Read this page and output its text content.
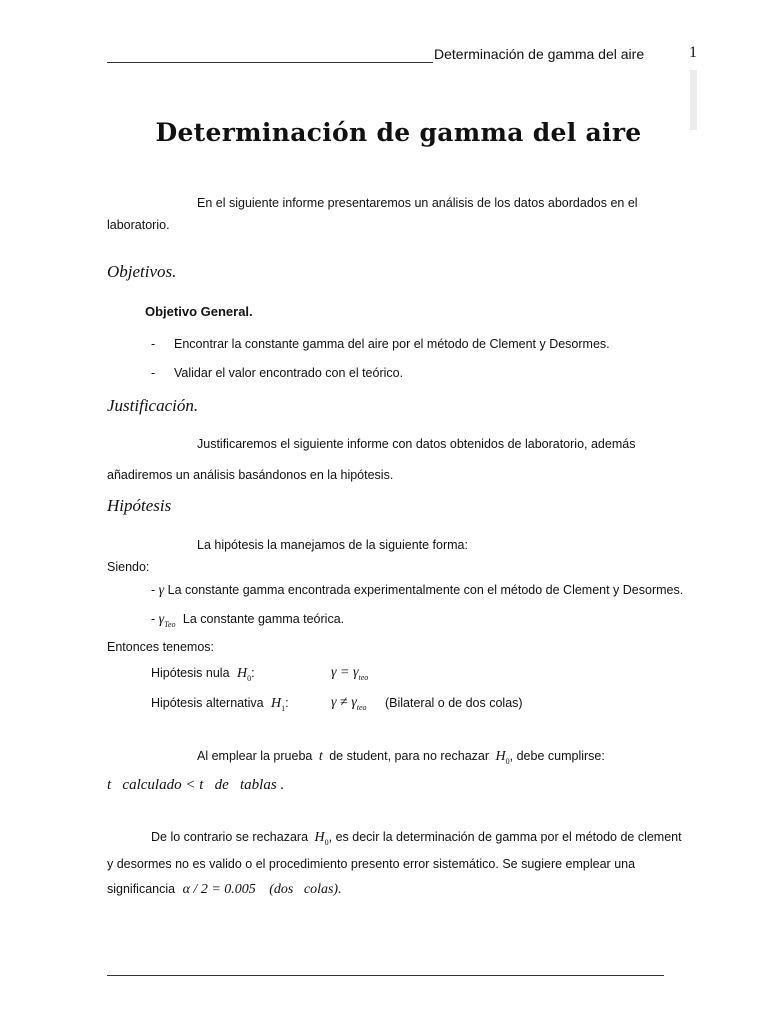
Determinación de gamma del aire	1
Determinación de gamma del aire
En el siguiente informe presentaremos un análisis de los datos abordados en el
laboratorio.
Objetivos.
Objetivo General.
- Encontrar la constante gamma del aire por el método de Clement y Desormes.
- Validar el valor encontrado con el teórico.
Justificación.
Justificaremos el siguiente informe con datos obtenidos de laboratorio, además
añadiremos un análisis basándonos en la hipótesis.
Hipótesis
La hipótesis la manejamos de la siguiente forma:
Siendo:
- γ La constante gamma encontrada experimentalmente con el método de Clement y Desormes.
- $\gamma_{Teo}$ La constante gamma teórica.
Entonces tenemos:
Hipótesis nula $H_0$:	$\gamma = \gamma_{teo}$
Hipótesis alternativa $H_1$:	$\gamma \ne \gamma_{teo}$ (Bilateral o de dos colas)
Al emplear la prueba t de student, para no rechazar $H_0$, debe cumplirse:
t   calculado < t   de   tablas .
De lo contrario se rechazara $H_0$, es decir la determinación de gamma por el método de clement
y desormes no es valido o el procedimiento presento error sistemático. Se sugiere emplear una
significancia α / 2 = 0.005 (dos   colas).
